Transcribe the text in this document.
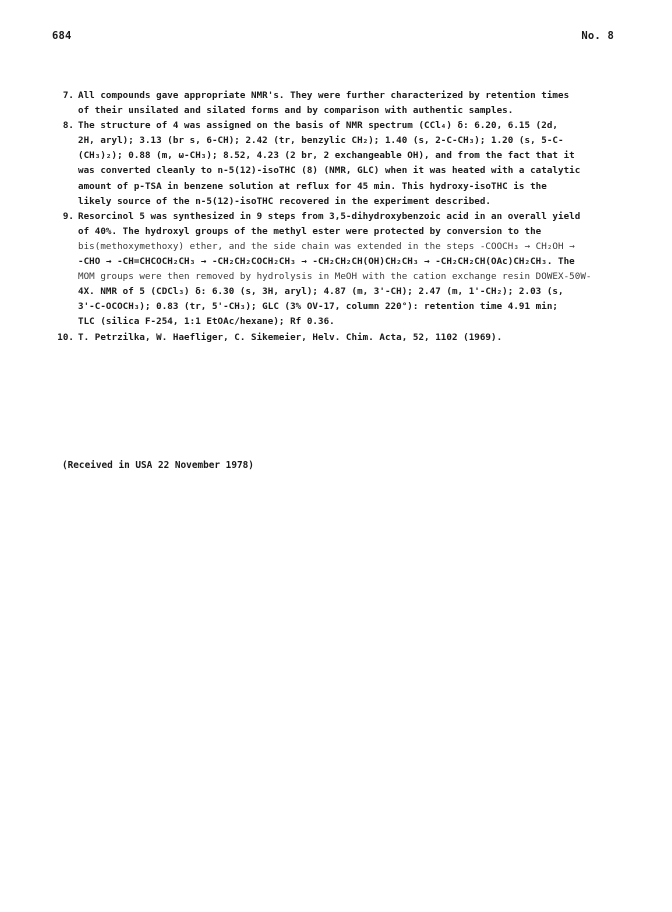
684	No. 8
7. All compounds gave appropriate NMR's. They were further characterized by retention times
of their unsilated and silated forms and by comparison with authentic samples.
8. The structure of 4 was assigned on the basis of NMR spectrum (CCl₄) δ: 6.20, 6.15 (2d,
2H, aryl); 3.13 (br s, 6-CH); 2.42 (tr, benzylic CH₂); 1.40 (s, 2-C-CH₃); 1.20 (s, 5-C-
(CH₃)₂); 0.88 (m, ω-CH₃); 8.52, 4.23 (2 br, 2 exchangeable OH), and from the fact that it
was converted cleanly to n-5(12)-isoTHC (8) (NMR, GLC) when it was heated with a catalytic
amount of p-TSA in benzene solution at reflux for 45 min. This hydroxy-isoTHC is the
likely source of the n-5(12)-isoTHC recovered in the experiment described.
9. Resorcinol 5 was synthesized in 9 steps from 3,5-dihydroxybenzoic acid in an overall yield
of 40%. The hydroxyl groups of the methyl ester were protected by conversion to the
bis(methoxymethoxy) ether, and the side chain was extended in the steps -COOCH₃ → CH₂OH →
-CHO → -CH=CHCOCH₂CH₃ → -CH₂CH₂COCH₂CH₃ → -CH₂CH₂CH(OH)CH₂CH₃ → -CH₂CH₂CH(OAc)CH₂CH₃. The
MOM groups were then removed by hydrolysis in MeOH with the cation exchange resin DOWEX-50W-
4X. NMR of 5 (CDCl₃) δ: 6.30 (s, 3H, aryl); 4.87 (m, 3'-CH); 2.47 (m, 1'-CH₂); 2.03 (s,
3'-C-OCOCH₃); 0.83 (tr, 5'-CH₃); GLC (3% OV-17, column 220°): retention time 4.91 min;
TLC (silica F-254, 1:1 EtOAc/hexane); Rf 0.36.
10. T. Petrzilka, W. Haefliger, C. Sikemeier, Helv. Chim. Acta, 52, 1102 (1969).
(Received in USA 22 November 1978)
